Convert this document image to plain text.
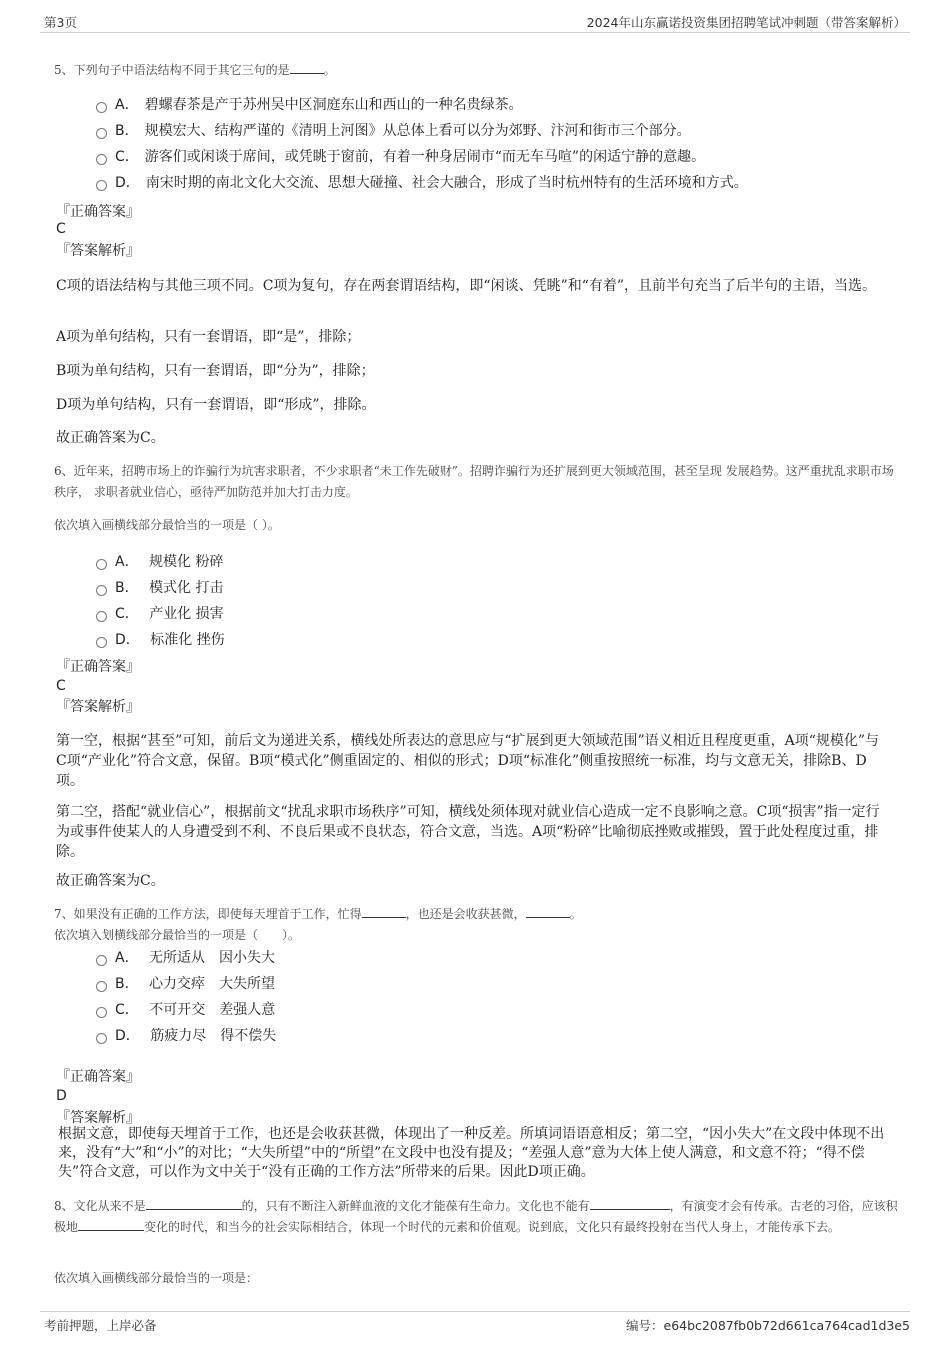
第3页	2024年山东赢诺投资集团招聘笔试冲刺题（带答案解析）
5、下列句子中语法结构不同于其它三句的是	。
A． 碧螺春茶是产于苏州吴中区洞庭东山和西山的一种名贵绿茶。
B． 规模宏大、结构严谨的《清明上河图》从总体上看可以分为郊野、汴河和街市三个部分。
C． 游客们或闲谈于席间，或凭眺于窗前，有着一种身居闹市“而无车马喧”的闲适宁静的意趣。
D． 南宋时期的南北文化大交流、思想大碰撞、社会大融合，形成了当时杭州特有的生活环境和方式。
『正确答案』
C
『答案解析』
C项的语法结构与其他三项不同。C项为复句，存在两套谓语结构，即“闲谈、凭眺”和“有着”，且前半句充当了后半句的主语，当选。
A项为单句结构，只有一套谓语，即“是”，排除；
B项为单句结构，只有一套谓语，即“分为”，排除；
D项为单句结构，只有一套谓语，即“形成”，排除。
故正确答案为C。
6、近年来，招聘市场上的诈骗行为坑害求职者，不少求职者“未工作先破财”。招聘诈骗行为还扩展到更大领域范围，甚至呈现 发展趋势。这严重扰乱求职市场秩序， 求职者就业信心，亟待严加防范并加大打击力度。
依次填入画横线部分最恰当的一项是（ ）。
A． 规模化 粉碎
B． 模式化 打击
C． 产业化 损害
D． 标准化 挫伤
『正确答案』
C
『答案解析』
第一空，根据“甚至”可知，前后文为递进关系，横线处所表达的意思应与“扩展到更大领域范围”语义相近且程度更重，A项“规模化”与C项“产业化”符合文意，保留。B项“模式化”侧重固定的、相似的形式；D项“标准化”侧重按照统一标准，均与文意无关，排除B、D项。
第二空，搭配“就业信心”，根据前文“扰乱求职市场秩序”可知，横线处须体现对就业信心造成一定不良影响之意。C项“损害”指一定行为或事件使某人的人身遭受到不利、不良后果或不良状态，符合文意，当选。A项“粉碎”比喻彻底挫败或摧毁，置于此处程度过重，排除。
故正确答案为C。
7、如果没有正确的工作方法，即使每天埋首于工作，忙得	，也还是会收获甚微，	。
依次填入划横线部分最恰当的一项是（　　）。
A． 无所适从 因小失大
B． 心力交瘁 大失所望
C． 不可开交 差强人意
D． 筋疲力尽 得不偿失
『正确答案』
D
『答案解析』
根据文意，即使每天埋首于工作，也还是会收获甚微，体现出了一种反差。所填词语语意相反；第二空，“因小失大”在文段中体现不出来，没有“大”和“小”的对比；“大失所望”中的“所望”在文段中也没有提及；“差强人意”意为大体上使人满意，和文意不符；“得不偿失”符合文意，可以作为文中关于“没有正确的工作方法”所带来的后果。因此D项正确。
8、文化从来不是	的，只有不断注入新鲜血液的文化才能葆有生命力。文化也不能有	，有演变才会有传承。古老的习俗，应该积极地	变化的时代，和当今的社会实际相结合，体现一个时代的元素和价值观。说到底，文化只有最终投射在当代人身上，才能传承下去。
依次填入画横线部分最恰当的一项是：
考前押题，上岸必备	编号：e64bc2087fb0b72d661ca764cad1d3e5
